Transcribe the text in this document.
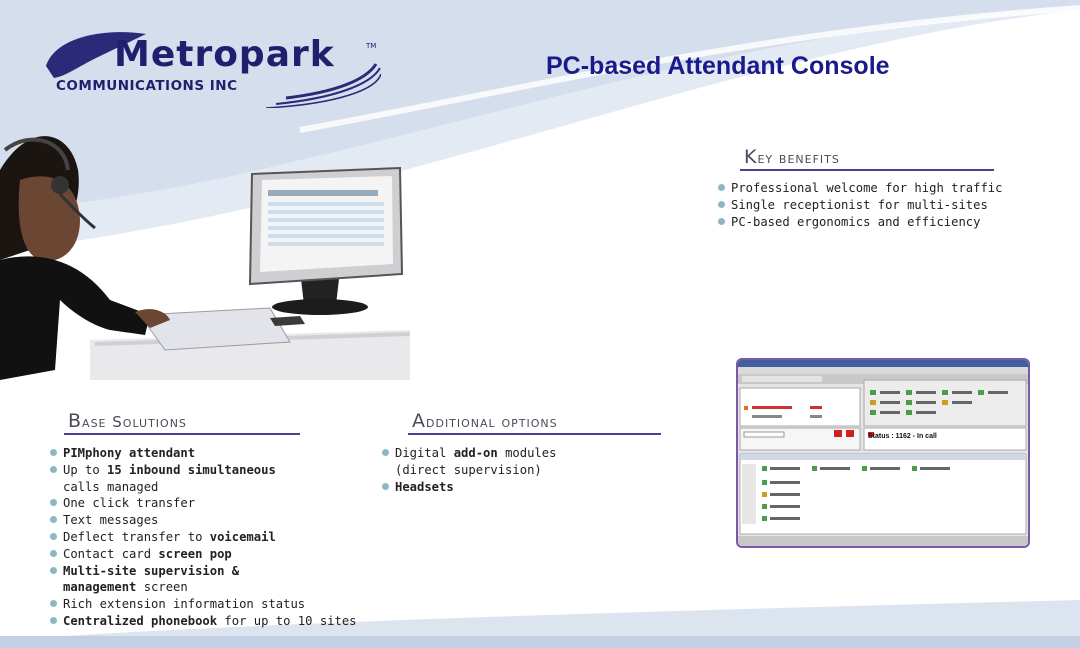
Metropark
COMMUNICATIONS INC
TM
PC-based Attendant Console
Key benefits
Professional welcome for high traffic
Single receptionist for multi-sites
PC-based ergonomics and efficiency
Base Solutions
PIMphony attendant
Up to 15 inbound simultaneous
calls managed
One click transfer
Text messages
Deflect transfer to voicemail
Contact card screen pop
Multi-site supervision &
management screen
Rich extension information status
Centralized phonebook for up to 10 sites
Additional options
Digital add-on modules
(direct supervision)
Headsets
Status : 1162 - In call
